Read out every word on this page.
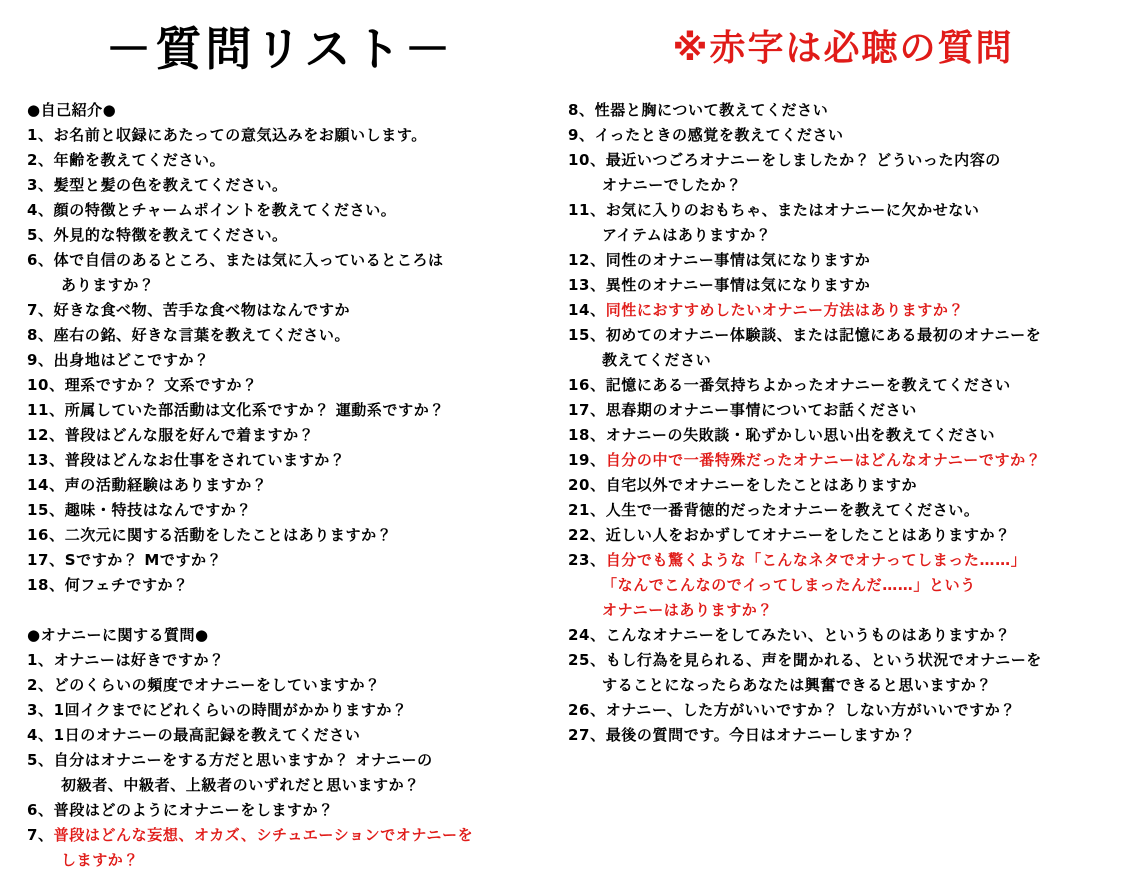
－質問リスト－	※赤字は必聴の質問
●自己紹介●
1、お名前と収録にあたっての意気込みをお願いします。
2、年齢を教えてください。
3、髪型と髪の色を教えてください。
4、顔の特徴とチャームポイントを教えてください。
5、外見的な特徴を教えてください。
6、体で自信のあるところ、または気に入っているところは
ありますか？
7、好きな食べ物、苦手な食べ物はなんですか
8、座右の銘、好きな言葉を教えてください。
9、出身地はどこですか？
10、理系ですか？ 文系ですか？
11、所属していた部活動は文化系ですか？ 運動系ですか？
12、普段はどんな服を好んで着ますか？
13、普段はどんなお仕事をされていますか？
14、声の活動経験はありますか？
15、趣味・特技はなんですか？
16、二次元に関する活動をしたことはありますか？
17、Sですか？ Mですか？
18、何フェチですか？
●オナニーに関する質問●
1、オナニーは好きですか？
2、どのくらいの頻度でオナニーをしていますか？
3、1回イクまでにどれくらいの時間がかかりますか？
4、1日のオナニーの最高記録を教えてください
5、自分はオナニーをする方だと思いますか？ オナニーの
初級者、中級者、上級者のいずれだと思いますか？
6、普段はどのようにオナニーをしますか？
7、普段はどんな妄想、オカズ、シチュエーションでオナニーを
しますか？
8、性器と胸について教えてください
9、イったときの感覚を教えてください
10、最近いつごろオナニーをしましたか？ どういった内容の
オナニーでしたか？
11、お気に入りのおもちゃ、またはオナニーに欠かせない
アイテムはありますか？
12、同性のオナニー事情は気になりますか
13、異性のオナニー事情は気になりますか
14、同性におすすめしたいオナニー方法はありますか？
15、初めてのオナニー体験談、または記憶にある最初のオナニーを
教えてください
16、記憶にある一番気持ちよかったオナニーを教えてください
17、思春期のオナニー事情についてお話ください
18、オナニーの失敗談・恥ずかしい思い出を教えてください
19、自分の中で一番特殊だったオナニーはどんなオナニーですか？
20、自宅以外でオナニーをしたことはありますか
21、人生で一番背徳的だったオナニーを教えてください。
22、近しい人をおかずしてオナニーをしたことはありますか？
23、自分でも驚くような「こんなネタでオナってしまった……」
「なんでこんなのでイってしまったんだ……」という
オナニーはありますか？
24、こんなオナニーをしてみたい、というものはありますか？
25、もし行為を見られる、声を聞かれる、という状況でオナニーを
することになったらあなたは興奮できると思いますか？
26、オナニー、した方がいいですか？ しない方がいいですか？
27、最後の質問です。今日はオナニーしますか？
